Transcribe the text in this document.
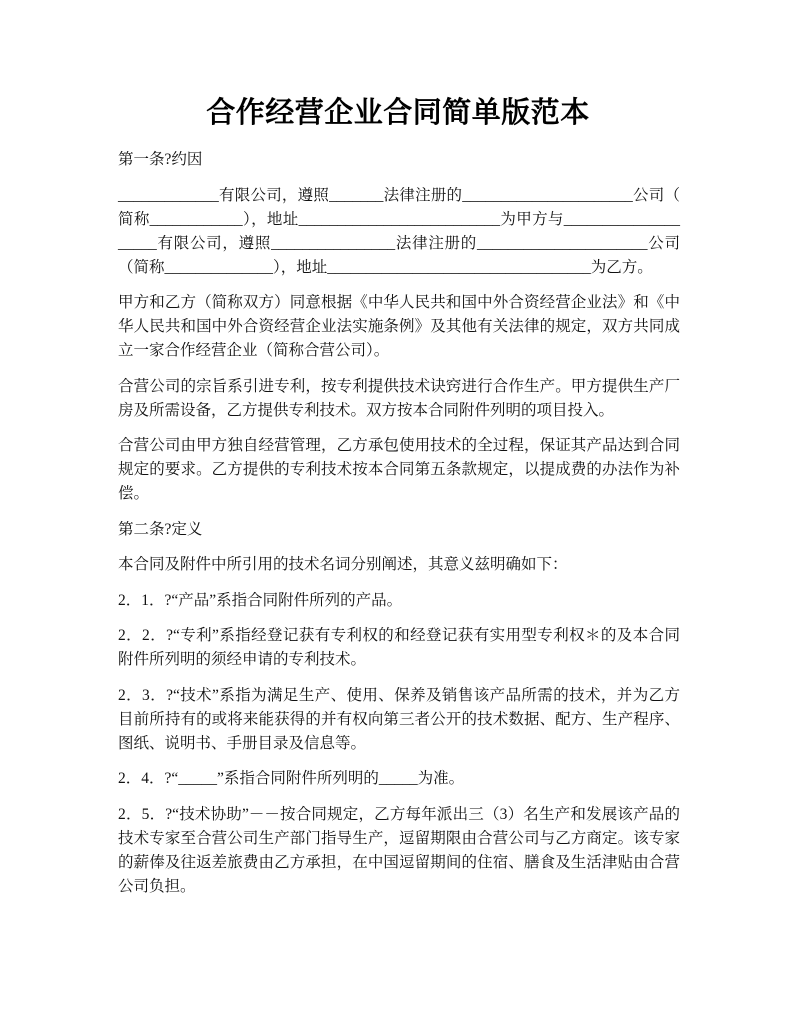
合作经营企业合同简单版范本

第一条?约因

_____________有限公司，遵照_______法律注册的______________________公司（简称____________），地址__________________________为甲方与____________________有限公司，遵照________________法律注册的______________________公司（简称______________），地址__________________________________为乙方。

甲方和乙方（简称双方）同意根据《中华人民共和国中外合资经营企业法》和《中华人民共和国中外合资经营企业法实施条例》及其他有关法律的规定，双方共同成立一家合作经营企业（简称合营公司）。

合营公司的宗旨系引进专利，按专利提供技术诀窍进行合作生产。甲方提供生产厂房及所需设备，乙方提供专利技术。双方按本合同附件列明的项目投入。

合营公司由甲方独自经营管理，乙方承包使用技术的全过程，保证其产品达到合同规定的要求。乙方提供的专利技术按本合同第五条款规定，以提成费的办法作为补偿。

第二条?定义

本合同及附件中所引用的技术名词分别阐述，其意义兹明确如下：

2．1．?“产品”系指合同附件所列的产品。

2．2．?“专利”系指经登记获有专利权的和经登记获有实用型专利权＊的及本合同附件所列明的须经申请的专利技术。

2．3．?“技术”系指为满足生产、使用、保养及销售该产品所需的技术，并为乙方目前所持有的或将来能获得的并有权向第三者公开的技术数据、配方、生产程序、图纸、说明书、手册目录及信息等。

2．4．?“_____”系指合同附件所列明的_____为准。

2．5．?“技术协助”－－按合同规定，乙方每年派出三（3）名生产和发展该产品的技术专家至合营公司生产部门指导生产，逗留期限由合营公司与乙方商定。该专家的薪俸及往返差旅费由乙方承担，在中国逗留期间的住宿、膳食及生活津贴由合营公司负担。
